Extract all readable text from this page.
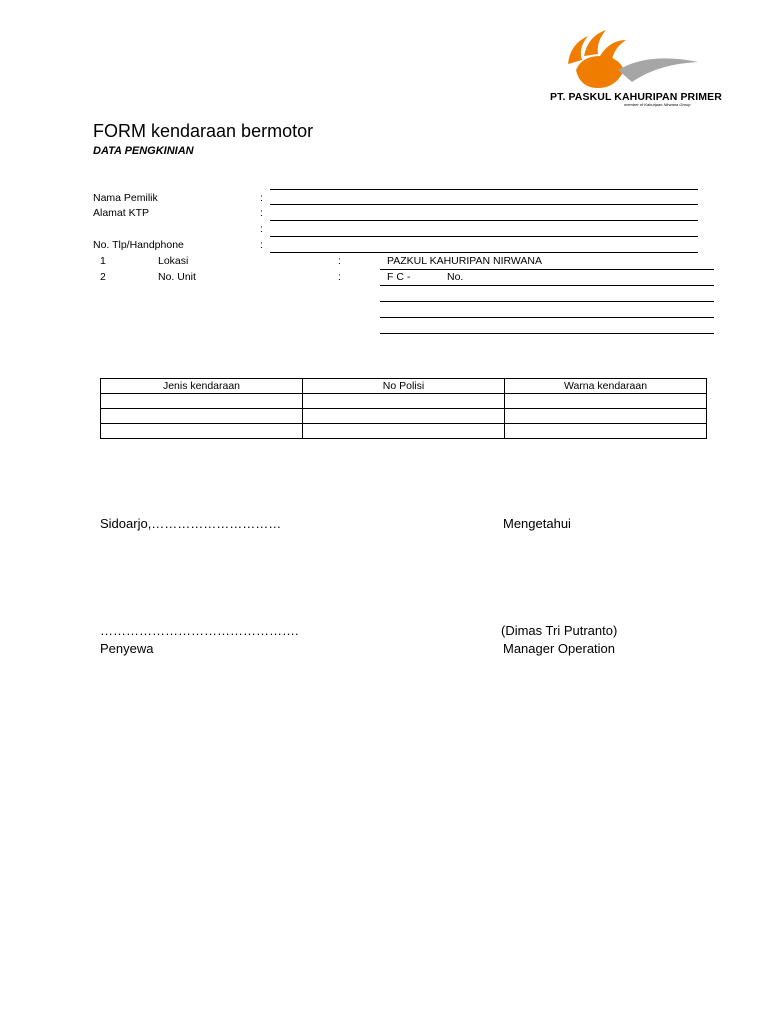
PT. PASKUL KAHURIPAN PRIMER
member of Kahuripan Nirwana Group
FORM kendaraan bermotor
DATA PENGKINIAN
Nama Pemilik	:
Alamat KTP	:
:
No. Tlp/Handphone	:
1	Lokasi	:	PAZKUL KAHURIPAN NIRWANA
2	No. Unit	:	F C -	No.
Jenis kendaraan	No Polisi	Warna kendaraan

Sidoarjo,…………………………	Mengetahui
……………………………………….	(Dimas Tri Putranto)
Penyewa	Manager Operation
